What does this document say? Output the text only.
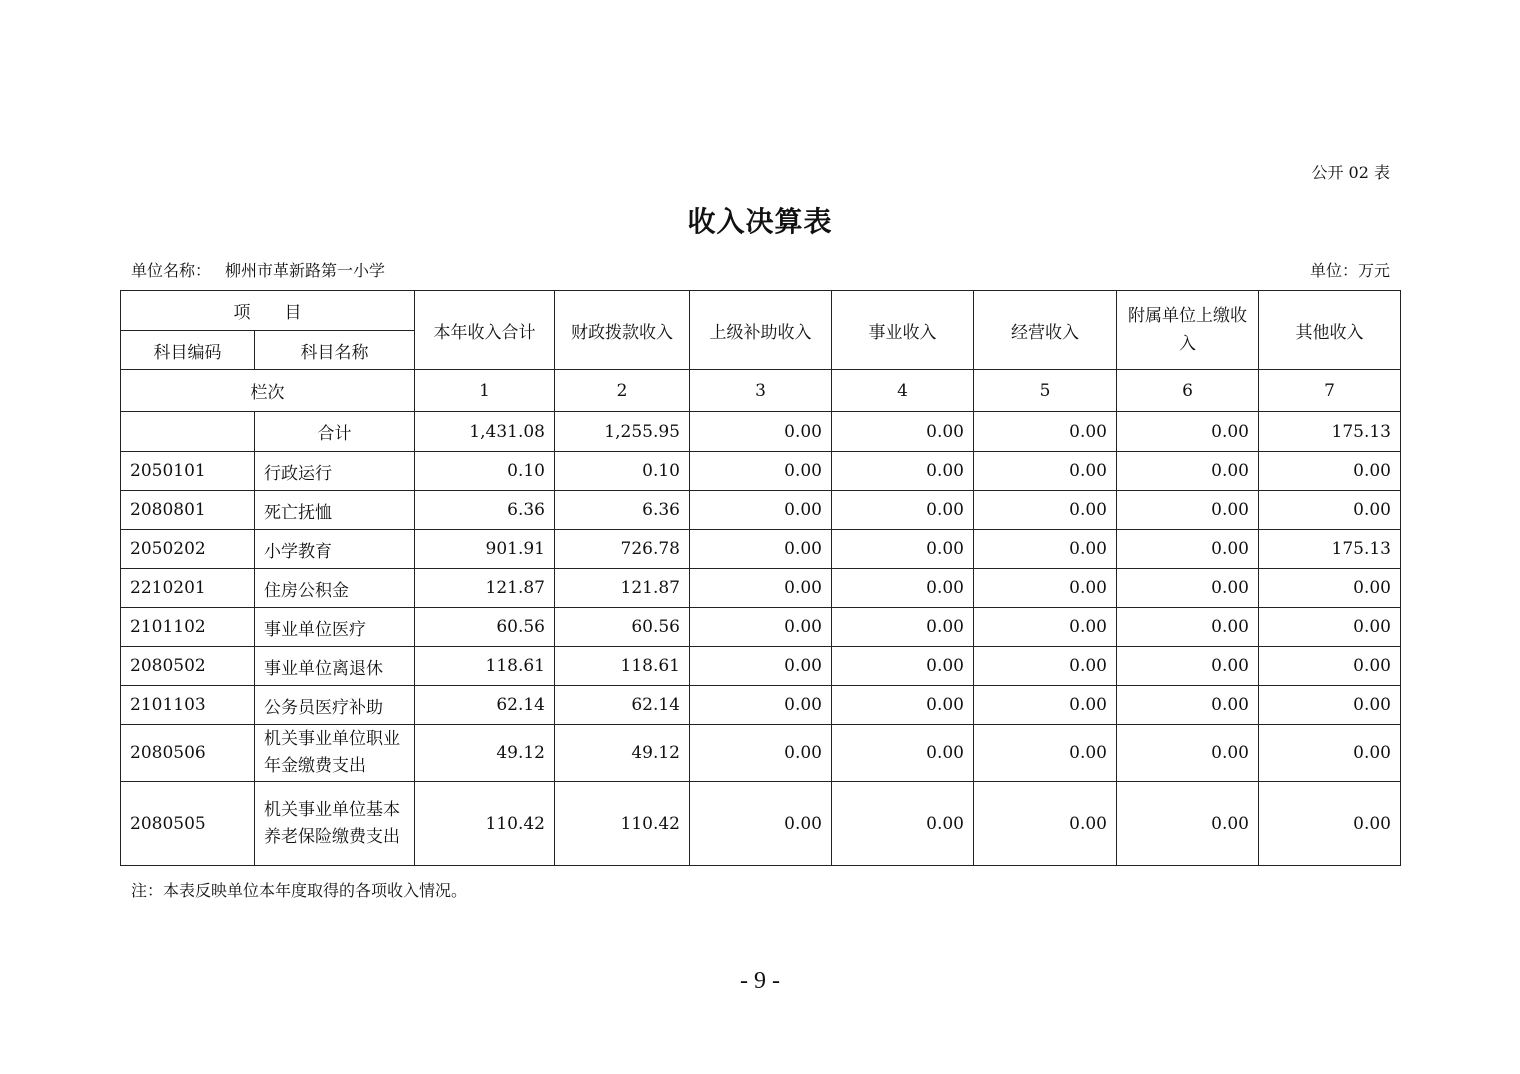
公开 02 表
收入决算表
单位名称： 柳州市革新路第一小学	单位：万元
项　　目		本年收入合计	财政拨款收入	上级补助收入	事业收入	经营收入	附属单位上缴收入	其他收入
科目编码	科目名称							
栏次		1	2	3	4	5	6	7
	合计	1,431.08	1,255.95	0.00	0.00	0.00	0.00	175.13
2050101	行政运行	0.10	0.10	0.00	0.00	0.00	0.00	0.00
2080801	死亡抚恤	6.36	6.36	0.00	0.00	0.00	0.00	0.00
2050202	小学教育	901.91	726.78	0.00	0.00	0.00	0.00	175.13
2210201	住房公积金	121.87	121.87	0.00	0.00	0.00	0.00	0.00
2101102	事业单位医疗	60.56	60.56	0.00	0.00	0.00	0.00	0.00
2080502	事业单位离退休	118.61	118.61	0.00	0.00	0.00	0.00	0.00
2101103	公务员医疗补助	62.14	62.14	0.00	0.00	0.00	0.00	0.00
2080506	机关事业单位职业年金缴费支出	49.12	49.12	0.00	0.00	0.00	0.00	0.00
2080505	机关事业单位基本养老保险缴费支出	110.42	110.42	0.00	0.00	0.00	0.00	0.00
注：本表反映单位本年度取得的各项收入情况。
- 9 -
